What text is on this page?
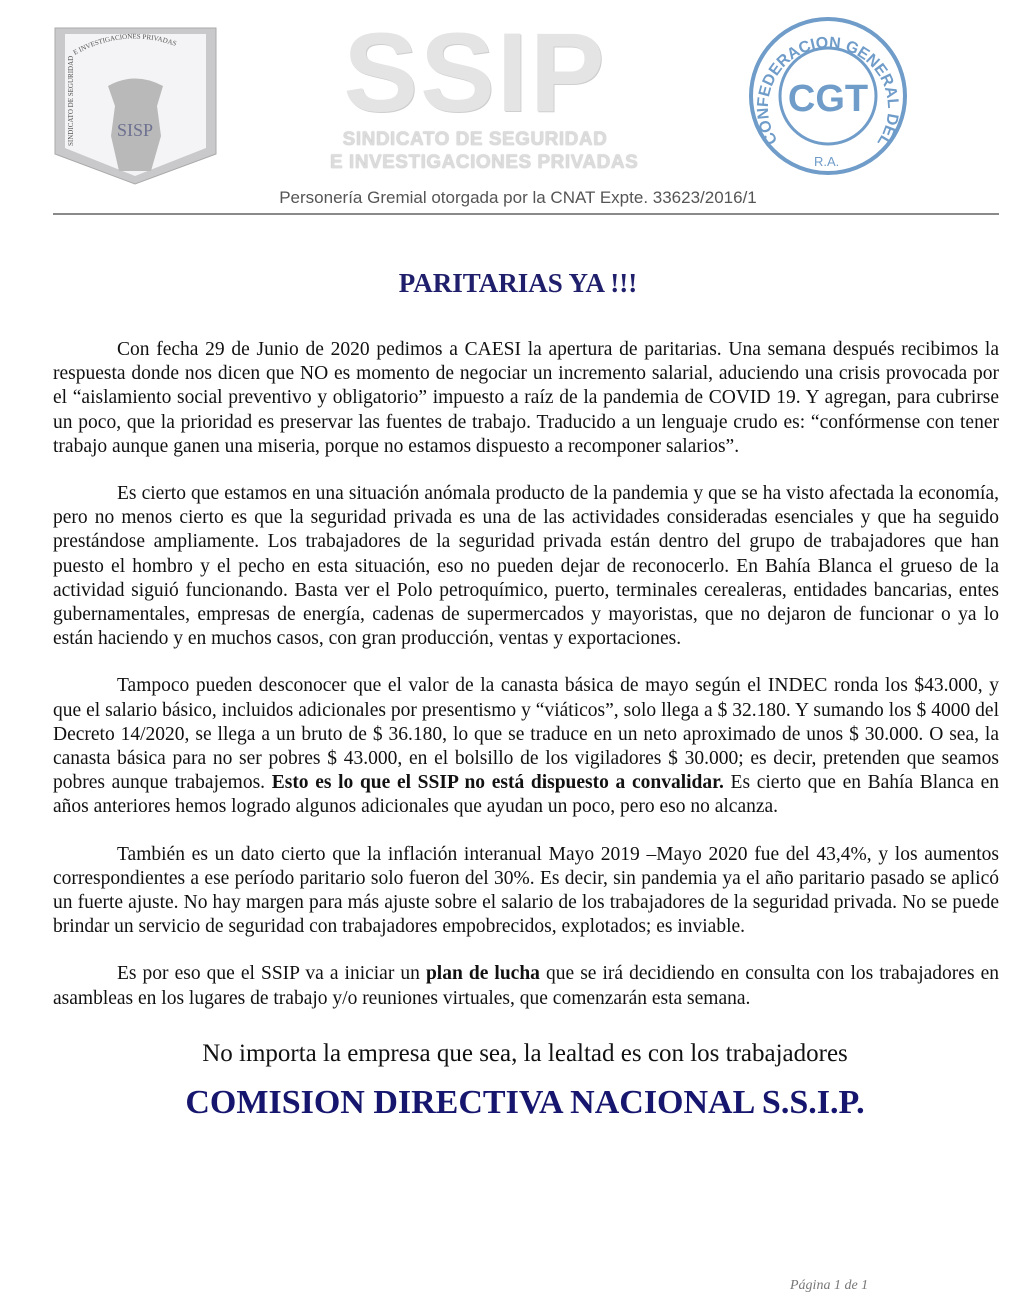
SINDICATO DE SEGURIDAD E INVESTIGACIONES PRIVADAS
SISP SSIP
SINDICATO DE SEGURIDAD
E INVESTIGACIONES PRIVADAS
CONFEDERACION GENERAL DEL
R.A.
CGT
Personería Gremial otorgada por la CNAT Expte. 33623/2016/1
PARITARIAS YA !!!

Con fecha 29 de Junio de 2020 pedimos a CAESI la apertura de paritarias. Una semana después recibimos la respuesta donde nos dicen que NO es momento de negociar un incremento salarial, aduciendo una crisis provocada por el “aislamiento social preventivo y obligatorio” impuesto a raíz de la pandemia de COVID 19. Y agregan, para cubrirse un poco, que la prioridad es preservar las fuentes de trabajo. Traducido a un lenguaje crudo es: “confórmense con tener trabajo aunque ganen una miseria, porque no estamos dispuesto a recomponer salarios”.

Es cierto que estamos en una situación anómala producto de la pandemia y que se ha visto afectada la economía, pero no menos cierto es que la seguridad privada es una de las actividades consideradas esenciales y que ha seguido prestándose ampliamente. Los trabajadores de la seguridad privada están dentro del grupo de trabajadores que han puesto el hombro y el pecho en esta situación, eso no pueden dejar de reconocerlo. En Bahía Blanca el grueso de la actividad siguió funcionando. Basta ver el Polo petroquímico, puerto, terminales cerealeras, entidades bancarias, entes gubernamentales, empresas de energía, cadenas de supermercados y mayoristas, que no dejaron de funcionar o ya lo están haciendo y en muchos casos, con gran producción, ventas y exportaciones.

Tampoco pueden desconocer que el valor de la canasta básica de mayo según el INDEC ronda los $43.000, y que el salario básico, incluidos adicionales por presentismo y “viáticos”, solo llega a $ 32.180. Y sumando los $ 4000 del Decreto 14/2020, se llega a un bruto de $ 36.180, lo que se traduce en un neto aproximado de unos $ 30.000. O sea, la canasta básica para no ser pobres $ 43.000, en el bolsillo de los vigiladores $ 30.000; es decir, pretenden que seamos pobres aunque trabajemos. Esto es lo que el SSIP no está dispuesto a convalidar. Es cierto que en Bahía Blanca en años anteriores hemos logrado algunos adicionales que ayudan un poco, pero eso no alcanza.

También es un dato cierto que la inflación interanual Mayo 2019 –Mayo 2020 fue del 43,4%, y los aumentos correspondientes a ese período paritario solo fueron del 30%. Es decir, sin pandemia ya el año paritario pasado se aplicó un fuerte ajuste. No hay margen para más ajuste sobre el salario de los trabajadores de la seguridad privada. No se puede brindar un servicio de seguridad con trabajadores empobrecidos, explotados; es inviable.

Es por eso que el SSIP va a iniciar un plan de lucha que se irá decidiendo en consulta con los trabajadores en asambleas en los lugares de trabajo y/o reuniones virtuales, que comenzarán esta semana.

No importa la empresa que sea, la lealtad es con los trabajadores
COMISION DIRECTIVA NACIONAL S.S.I.P.
Página 1 de 1
